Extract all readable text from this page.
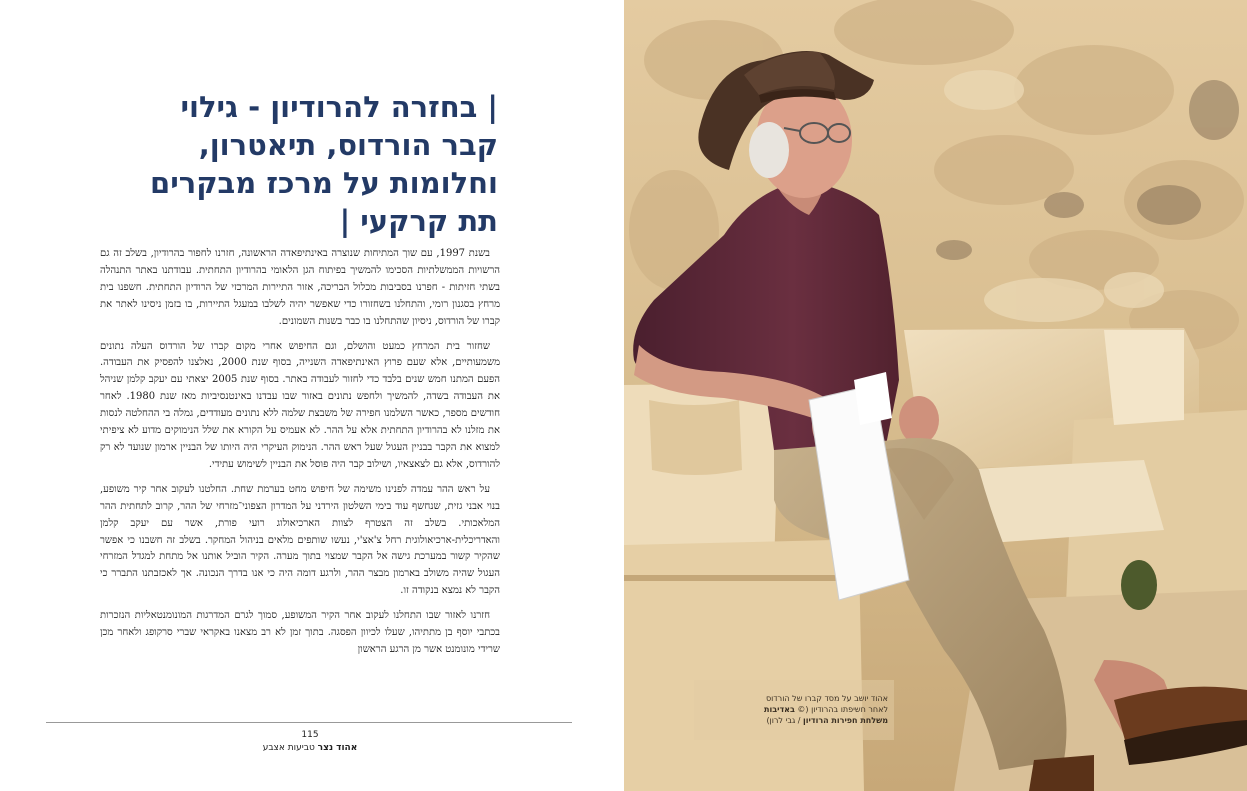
| בחזרה להרודיון - גילוי קבר הורדוס, תיאטרון, וחלומות על מרכז מבקרים תת קרקעי |

בשנת 1997, עם שוך המתיחות שנוצרה באינתיפאדה הראשונה, חזרנו לחפור בהרודיון, בשלב זה גם הרשויות הממשלתיות הסכימו להמשיך בפיתוח הגן הלאומי בהרודיון התחתית. עבודתנו באתר התנהלה בשתי חזיתות - חפרנו בסביבות מכלול הבריכה, אזור התיירות המרכזי של הרודיון התחתית. חשפנו בית מרחץ בסגנון רומי, והתחלנו בשחזורו כדי שאפשר יהיה לשלבו במעגל התיירות, בו בזמן ניסינו לאתר את קברו של הורדוס, ניסיון שהתחלנו בו כבר בשנות השמונים.

שחזור בית המרחץ כמעט והושלם, וגם החיפוש אחרי מקום קברו של הורדוס העלה נתונים משמעותיים, אלא שעם פרוץ האינתיפאדה השנייה, בסוף שנת 2000, נאלצנו להפסיק את העבודה. הפעם המתנו חמש שנים בלבד כדי לחזור לעבודה באתר. בסוף שנת 2005 יצאתי עם יעקב קלמן שניהל את העבודה בשדה, להמשיך ולחפש נתונים באזור שבו עבדנו באינטנסיביות מאז שנת 1980. לאחר חודשים מספר, כאשר השלמנו חפירה של משבצת שלמה ללא נתונים מעודדים, גמלה בי ההחלטה לנסות את מזלנו לא בהרודיון התחתית אלא על ההר. לא אעמיס על הקורא את שלל הנימוקים מדוע לא ציפיתי למצוא את הקבר בבניין העגול שעל ראש ההר. הנימוק העיקרי היה היותו של הבניין ארמון שנועד לא רק להורדוס, אלא גם לצאצאיו, ושילוב קבר היה פוסל את הבניין לשימוש עתידי.

על ראש ההר עמדה לפנינו משימה של חיפוש מחט בערמת שחת. החלטנו לעקוב אחר קיר משופע, בנוי אבני גזית, שנחשף עוד בימי השלטון הירדני על המדרון הצפוני־מזרחי של ההר, קרוב לתחתית ההר המלאכותי. בשלב זה הצטרף לצוות הארכיאולוג רועי פורת, אשר עם יעקב קלמן והאדריכלית-ארכיאולוגית רחל צ'אצ'י, נעשו שותפים מלאים בניהול המחקר. בשלב זה חשבנו כי אפשר שהקיר קשור במערכת גישה אל הקבר שמצוי בתוך מערה. הקיר הוביל אותנו אל מתחת למגדל המזרחי העגול שהיה משולב בארמון מבצר ההר, ולרגע דומה היה כי אנו בדרך הנכונה. אך לאכזבתנו התברר כי הקבר לא נמצא בנקודה זו.

חזרנו לאזור שבו התחלנו לעקוב אחר הקיר המשופע, סמוך לגרם המדרגות המונומנטאליות הנזכרות בכתבי יוסף בן מתתיהו, שעלו לכיוון הפסגה. בתוך זמן לא רב מצאנו באקראי שברי סרקופג ולאחר מכן שרידי מונומנט אשר מן הרגע הראשון

115
אהוד נצר טביעות אצבע
אהוד יושב על מסד קברו של הורדוס
לאחר חשיפתו בהרודיון (© באדיבות
משלחת חפירות הרודיון / גבי לרון)
